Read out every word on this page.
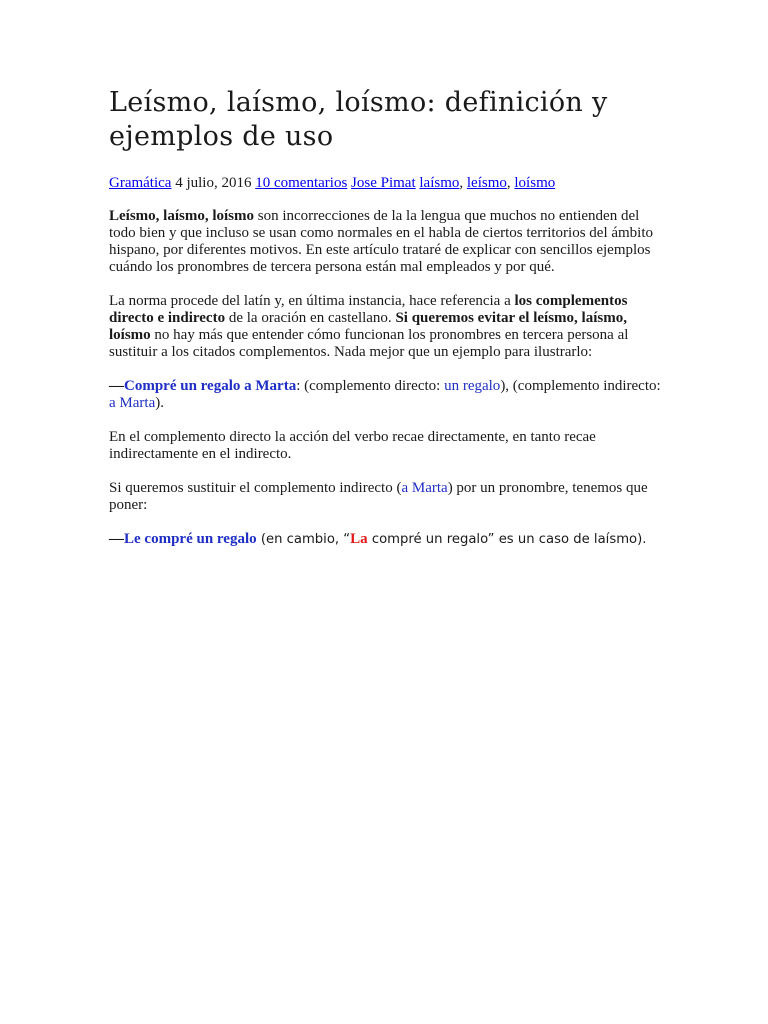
Leísmo, laísmo, loísmo: definición y ejemplos de uso
Gramática 4 julio, 2016 10 comentarios Jose Pimat laísmo, leísmo, loísmo

Leísmo, laísmo, loísmo son incorrecciones de la la lengua que muchos no entienden del todo bien y que incluso se usan como normales en el habla de ciertos territorios del ámbito hispano, por diferentes motivos. En este artículo trataré de explicar con sencillos ejemplos cuándo los pronombres de tercera persona están mal empleados y por qué.

La norma procede del latín y, en última instancia, hace referencia a los complementos directo e indirecto de la oración en castellano. Si queremos evitar el leísmo, laísmo, loísmo no hay más que entender cómo funcionan los pronombres en tercera persona al sustituir a los citados complementos. Nada mejor que un ejemplo para ilustrarlo:

—Compré un regalo a Marta: (complemento directo: un regalo), (complemento indirecto: a Marta).

En el complemento directo la acción del verbo recae directamente, en tanto recae indirectamente en el indirecto.

Si queremos sustituir el complemento indirecto (a Marta) por un pronombre, tenemos que poner:

—Le compré un regalo (en cambio, “La compré un regalo” es un caso de laísmo).
